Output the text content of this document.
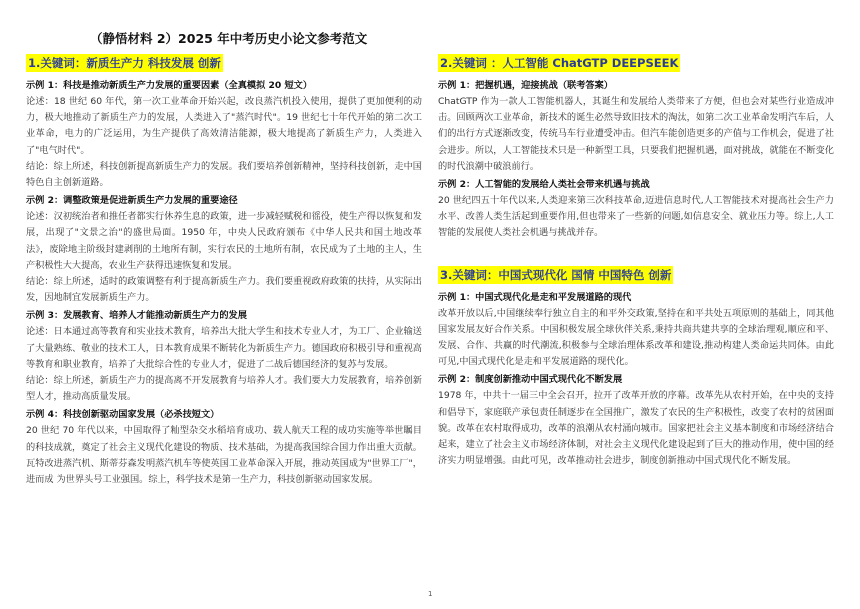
（静悟材料 2）2025 年中考历史小论文参考范文
1.关键词：新质生产力 科技发展 创新
示例 1：科技是推动新质生产力发展的重要因素（全真模拟 20 短文）

论述：18 世纪 60 年代，第一次工业革命开始兴起，改良蒸汽机投入使用，提供了更加便利的动力，极大地推动了新质生产力的发展，人类进入了"蒸汽时代"。19 世纪七十年代开始的第二次工业革命，电力的广泛运用，为生产提供了高效清洁能源，极大地提高了新质生产力，人类进入了"电气时代"。

结论：综上所述，科技创新提高新质生产力的发展。我们要培养创新精神，坚持科技创新，走中国特色自主创新道路。

示例 2：调整政策是促进新质生产力发展的重要途径

论述：汉初统治者和推任者都实行休养生息的政策，进一步减轻赋税和徭役，使生产得以恢复和发展，出现了"文景之治"的盛世局面。1950 年，中央人民政府颁布《中华人民共和国土地改革法》，废除地主阶级封建剥削的土地所有制，实行农民的土地所有制，农民成为了土地的主人，生产积极性大大提高，农业生产获得迅速恢复和发展。

结论：综上所述，适时的政策调整有利于提高新质生产力。我们要重视政府政策的扶持，从实际出发，因地制宜发展新质生产力。

示例 3：发展教育、培养人才能推动新质生产力的发展

论述：日本通过高等教育和实业技术教育，培养出大批大学生和技术专业人才，为工厂、企业输送了大量熟练、敬业的技术工人，日本教育成果不断转化为新质生产力。德国政府积极引导和重视高等教育和职业教育，培养了大批综合性的专业人才，促进了二战后德国经济的复苏与发展。

结论：综上所述，新质生产力的提高离不开发展教育与培养人才。我们要大力发展教育，培养创新型人才，推动高质量发展。

示例 4：科技创新驱动国家发展（必杀技短文）

20 世纪 70 年代以来，中国取得了籼型杂交水稻培育成功、载人航天工程的成功实施等举世瞩目的科技成就，奠定了社会主义现代化建设的物质、技术基础，为提高我国综合国力作出重大贡献。瓦特改进蒸汽机、斯蒂芬森发明蒸汽机车等使英国工业革命深入开展，推动英国成为"世界工厂"，进而成 为世界头号工业强国。综上，科学技术是第一生产力，科技创新驱动国家发展。

2.关键词 ：人工智能 ChatGTP DEEPSEEK
示例 1：把握机遇，迎接挑战（联考答案）

ChatGTP 作为一款人工智能机器人，其诞生和发展给人类带来了方便，但也会对某些行业造成冲击。回顾两次工业革命，新技术的诞生必然导致旧技术的淘汰，如第二次工业革命发明汽车后，人们的出行方式逐渐改变，传统马车行业遭受冲击。但汽车能创造更多的产值与工作机会，促进了社会进步。所以，人工智能技术只是一种新型工具，只要我们把握机遇，面对挑战，就能在不断变化的时代浪潮中破浪前行。

示例 2：人工智能的发展给人类社会带来机遇与挑战

20 世纪四五十年代以来,人类迎来第三次科技革命,迈进信息时代,人工智能技术对提高社会生产力水平、改善人类生活起到重要作用,但也带来了一些新的问题,如信息安全、就业压力等。综上,人工智能的发展使人类社会机遇与挑战并存。

3.关键词：中国式现代化 国情 中国特色 创新
示例 1：中国式现代化是走和平发展道路的现代

改革开放以后,中国继续奉行独立自主的和平外交政策,坚持在和平共处五项原则的基础上，同其他国家发展友好合作关系。中国积极发展全球伙伴关系,秉持共商共建共享的全球治理观,顺应和平、发展、合作、共赢的时代潮流,积极参与全球治理体系改革和建设,推动构建人类命运共同体。由此可见,中国式现代化是走和平发展道路的现代化。

示例 2：制度创新推动中国式现代化不断发展

1978 年，中共十一届三中全会召开，拉开了改革开放的序幕。改革先从农村开始，在中央的支持和倡导下，家庭联产承包责任制逐步在全国推广，激发了农民的生产积极性，改变了农村的贫困面貌。改革在农村取得成功，改革的浪潮从农村涌向城市。国家把社会主义基本制度和市场经济结合起来，建立了社会主义市场经济体制，对社会主义现代化建设起到了巨大的推动作用，使中国的经济实力明显增强。由此可见，改革推动社会进步，制度创新推动中国式现代化不断发展。

1
